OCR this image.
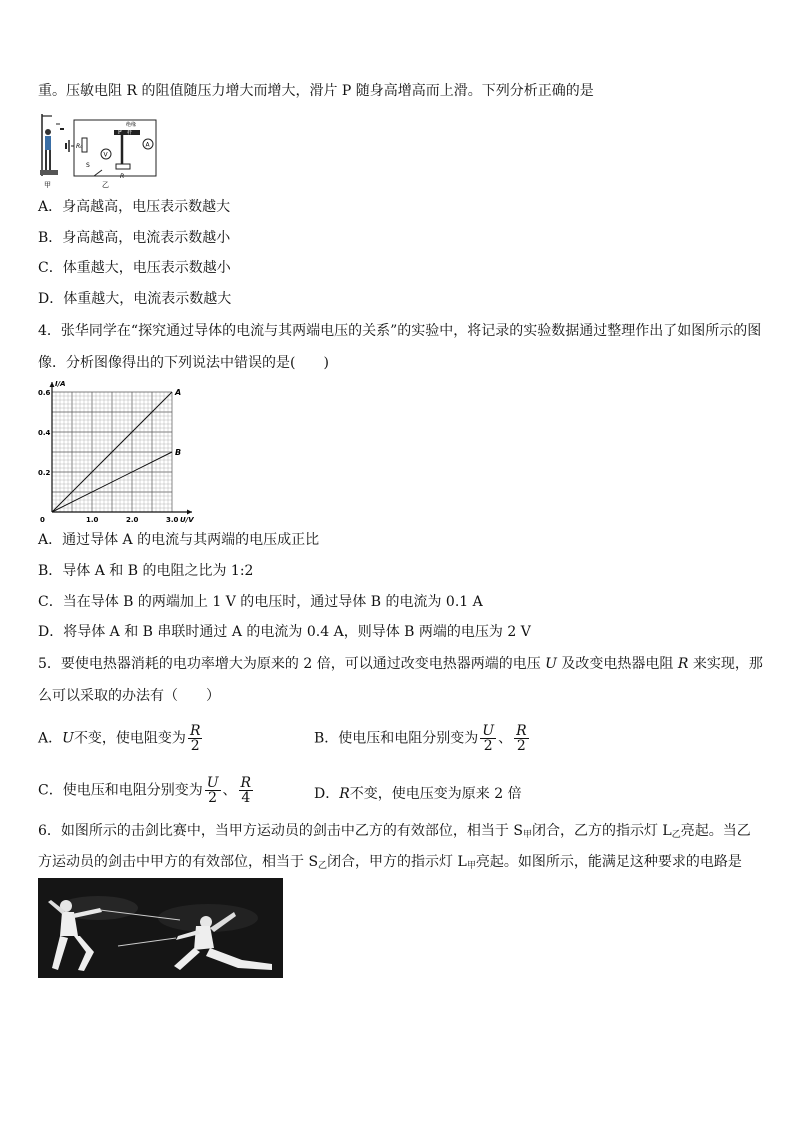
重。压敏电阻 R 的阻值随压力增大而增大，滑片 P 随身高增高而上滑。下列分析正确的是
甲
R₀
V
绝缘
P 杆
R
A
S
乙
A．身高越高，电压表示数越大
B．身高越高，电流表示数越小
C．体重越大，电压表示数越小
D．体重越大，电流表示数越大
4．张华同学在“探究通过导体的电流与其两端电压的关系”的实验中，将记录的实验数据通过整理作出了如图所示的图
像．分析图像得出的下列说法中错误的是(　　)
A
B
0	1.0	2.0	3.0
0.2
0.4
0.6
U/V
I/A
A．通过导体 A 的电流与其两端的电压成正比
B．导体 A 和 B 的电阻之比为 1:2
C．当在导体 B 的两端加上 1 V 的电压时，通过导体 B 的电流为 0.1 A
D．将导体 A 和 B 串联时通过 A 的电流为 0.4 A，则导体 B 两端的电压为 2 V
5．要使电热器消耗的电功率增大为原来的 2 倍，可以通过改变电热器两端的电压 U 及改变电热器电阻 R 来实现，那
么可以采取的办法有（　　）
A．U不变，使电阻变为 $\frac{R}{2}$	B．使电压和电阻分别变为 $\frac{U}{2}$ 、 $\frac{R}{2}$
C．使电压和电阻分别变为 $\frac{U}{2}$ 、 $\frac{R}{4}$	D．R不变，使电压变为原来 2 倍
6．如图所示的击剑比赛中，当甲方运动员的剑击中乙方的有效部位，相当于 $S_甲$闭合，乙方的指示灯 $L_乙$亮起。当乙
方运动员的剑击中甲方的有效部位，相当于 $S_乙$闭合，甲方的指示灯 $L_甲$亮起。如图所示，能满足这种要求的电路是
